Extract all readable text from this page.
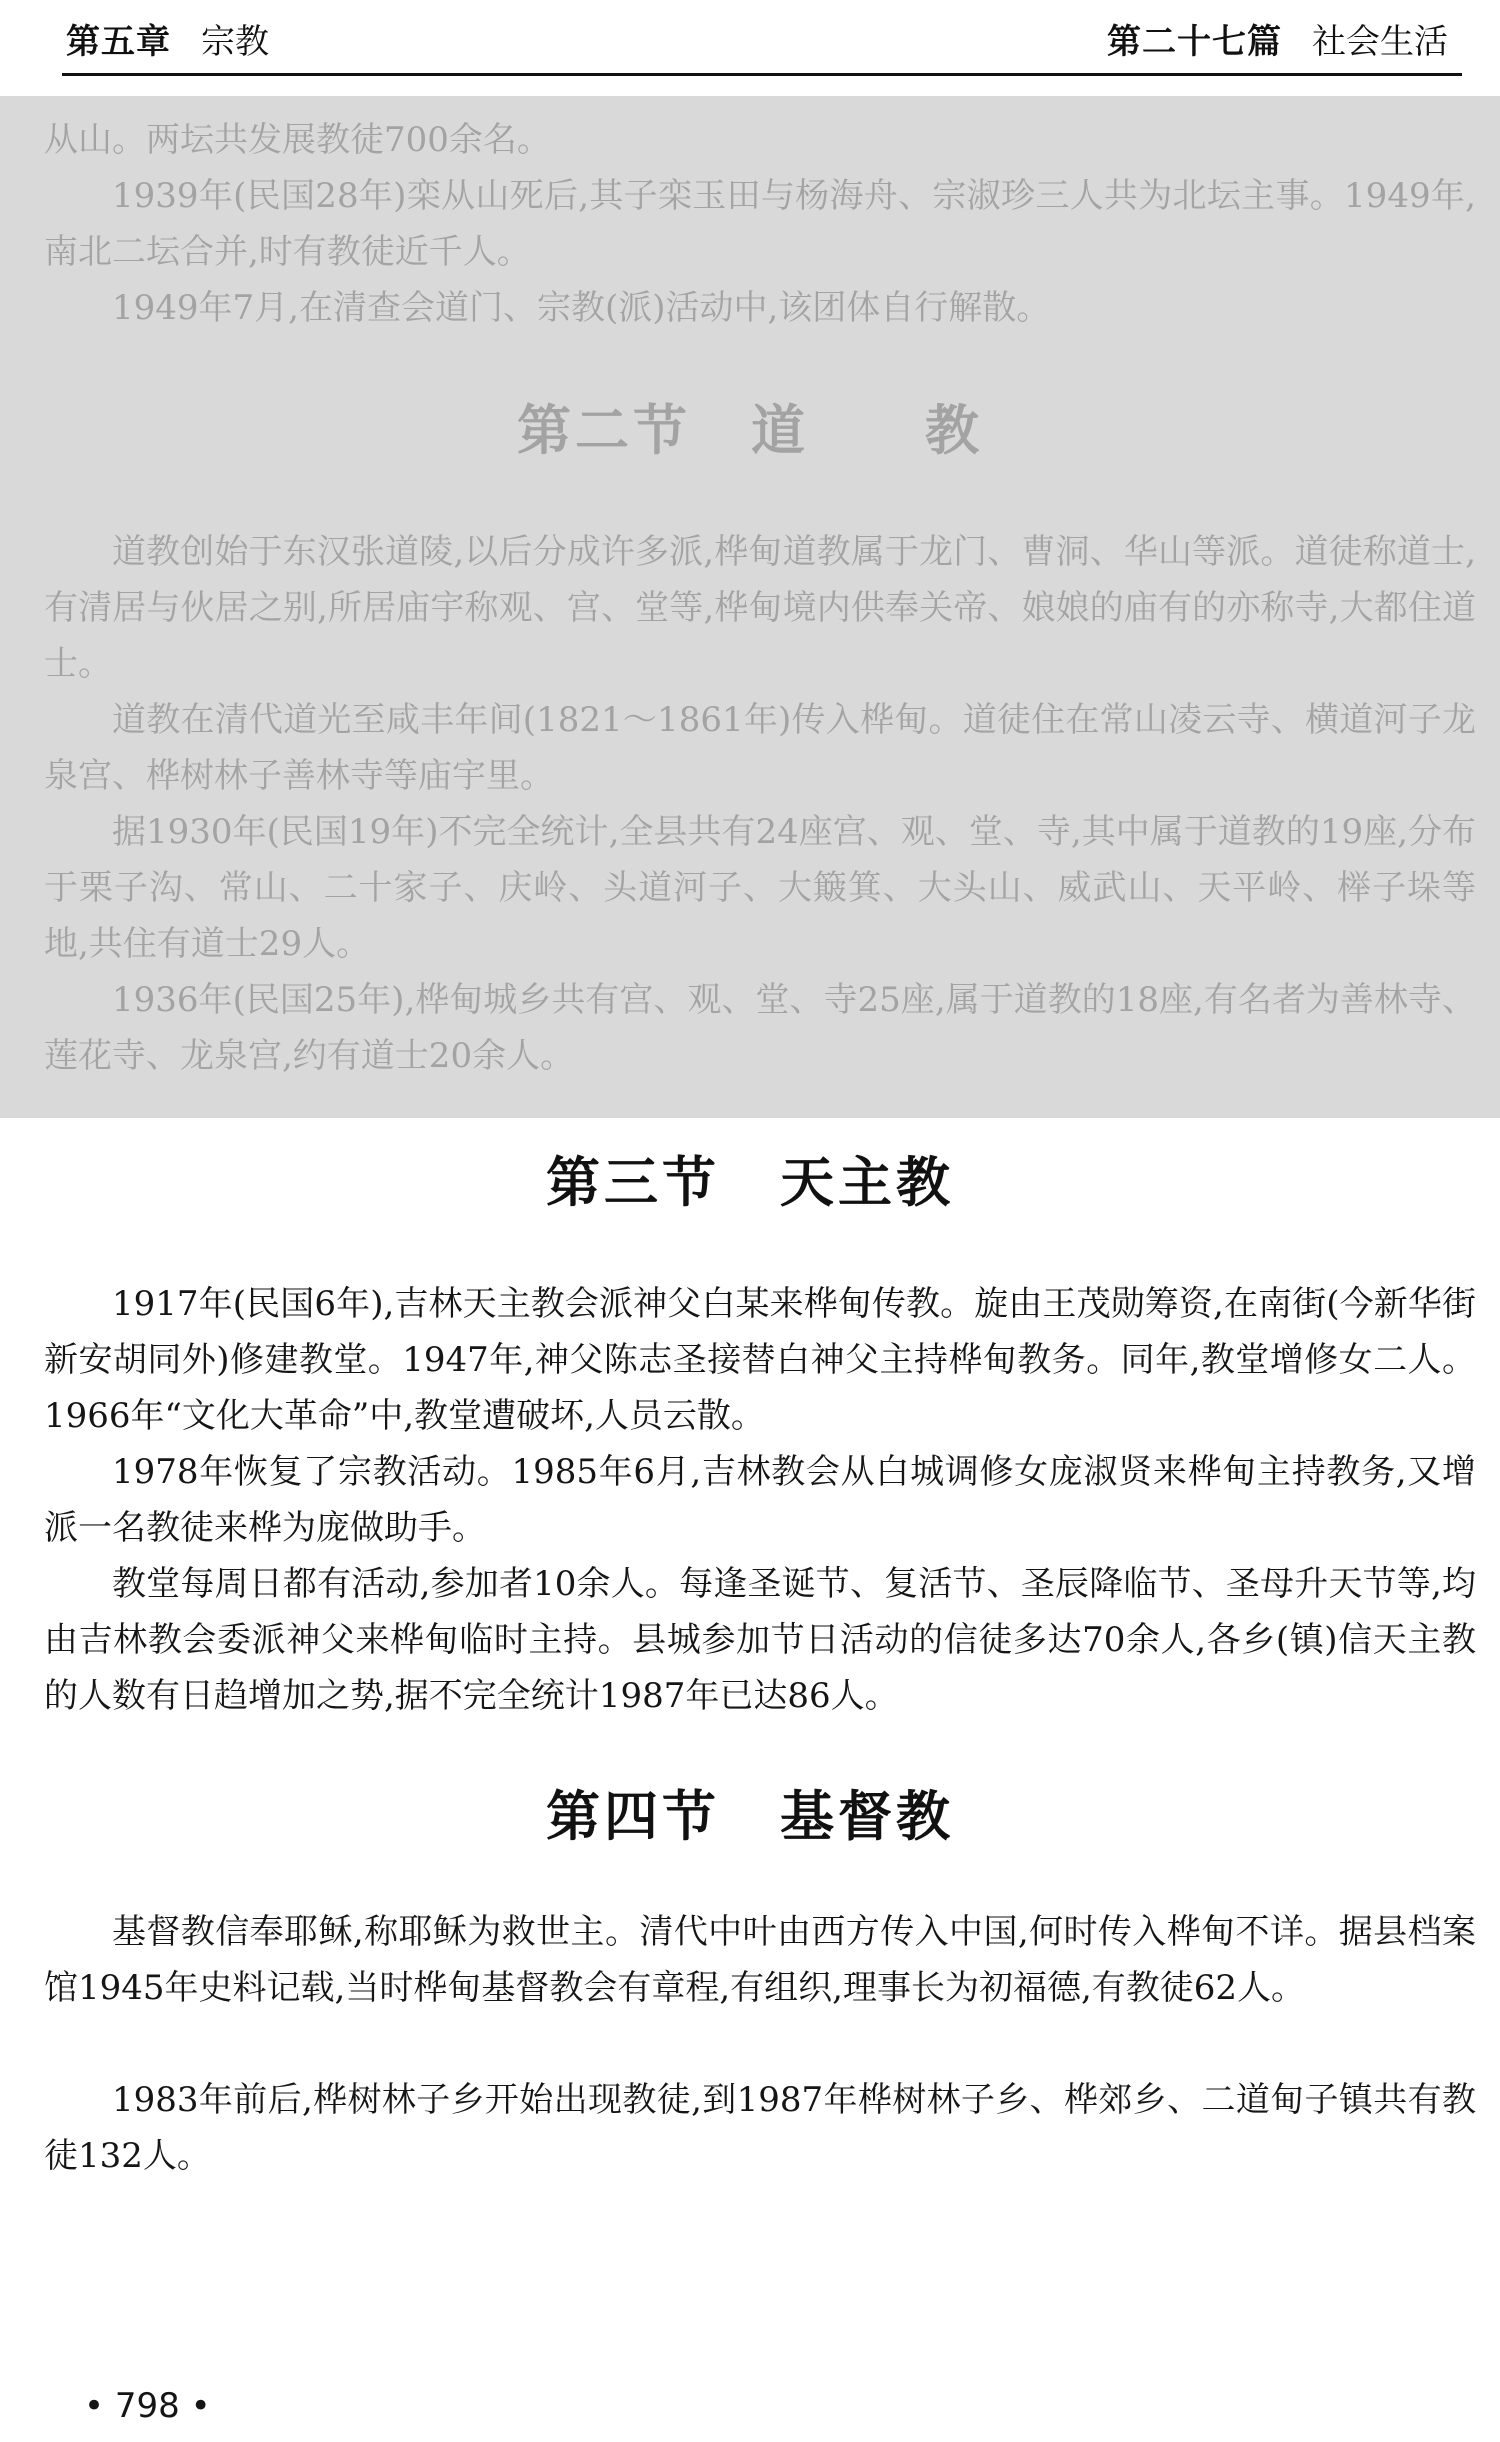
第五章 宗教	第二十七篇 社会生活

从山。两坛共发展教徒700余名。

1939年(民国28年)栾从山死后,其子栾玉田与杨海舟、宗淑珍三人共为北坛主事。1949年,南北二坛合并,时有教徒近千人。

1949年7月,在清查会道门、宗教(派)活动中,该团体自行解散。

第二节 道　　教

道教创始于东汉张道陵,以后分成许多派,桦甸道教属于龙门、曹洞、华山等派。道徒称道士,有清居与伙居之别,所居庙宇称观、宫、堂等,桦甸境内供奉关帝、娘娘的庙有的亦称寺,大都住道士。

道教在清代道光至咸丰年间(1821～1861年)传入桦甸。道徒住在常山凌云寺、横道河子龙泉宫、桦树林子善林寺等庙宇里。

据1930年(民国19年)不完全统计,全县共有24座宫、观、堂、寺,其中属于道教的19座,分布于栗子沟、常山、二十家子、庆岭、头道河子、大簸箕、大头山、威武山、天平岭、榉子垛等地,共住有道士29人。

1936年(民国25年),桦甸城乡共有宫、观、堂、寺25座,属于道教的18座,有名者为善林寺、莲花寺、龙泉宫,约有道士20余人。

第三节 天主教

1917年(民国6年),吉林天主教会派神父白某来桦甸传教。旋由王茂勋筹资,在南街(今新华街新安胡同外)修建教堂。1947年,神父陈志圣接替白神父主持桦甸教务。同年,教堂增修女二人。1966年“文化大革命”中,教堂遭破坏,人员云散。

1978年恢复了宗教活动。1985年6月,吉林教会从白城调修女庞淑贤来桦甸主持教务,又增派一名教徒来桦为庞做助手。

教堂每周日都有活动,参加者10余人。每逢圣诞节、复活节、圣辰降临节、圣母升天节等,均由吉林教会委派神父来桦甸临时主持。县城参加节日活动的信徒多达70余人,各乡(镇)信天主教的人数有日趋增加之势,据不完全统计1987年已达86人。

第四节 基督教

基督教信奉耶稣,称耶稣为救世主。清代中叶由西方传入中国,何时传入桦甸不详。据县档案馆1945年史料记载,当时桦甸基督教会有章程,有组织,理事长为初福德,有教徒62人。

1983年前后,桦树林子乡开始出现教徒,到1987年桦树林子乡、桦郊乡、二道甸子镇共有教徒132人。

• 798 •
